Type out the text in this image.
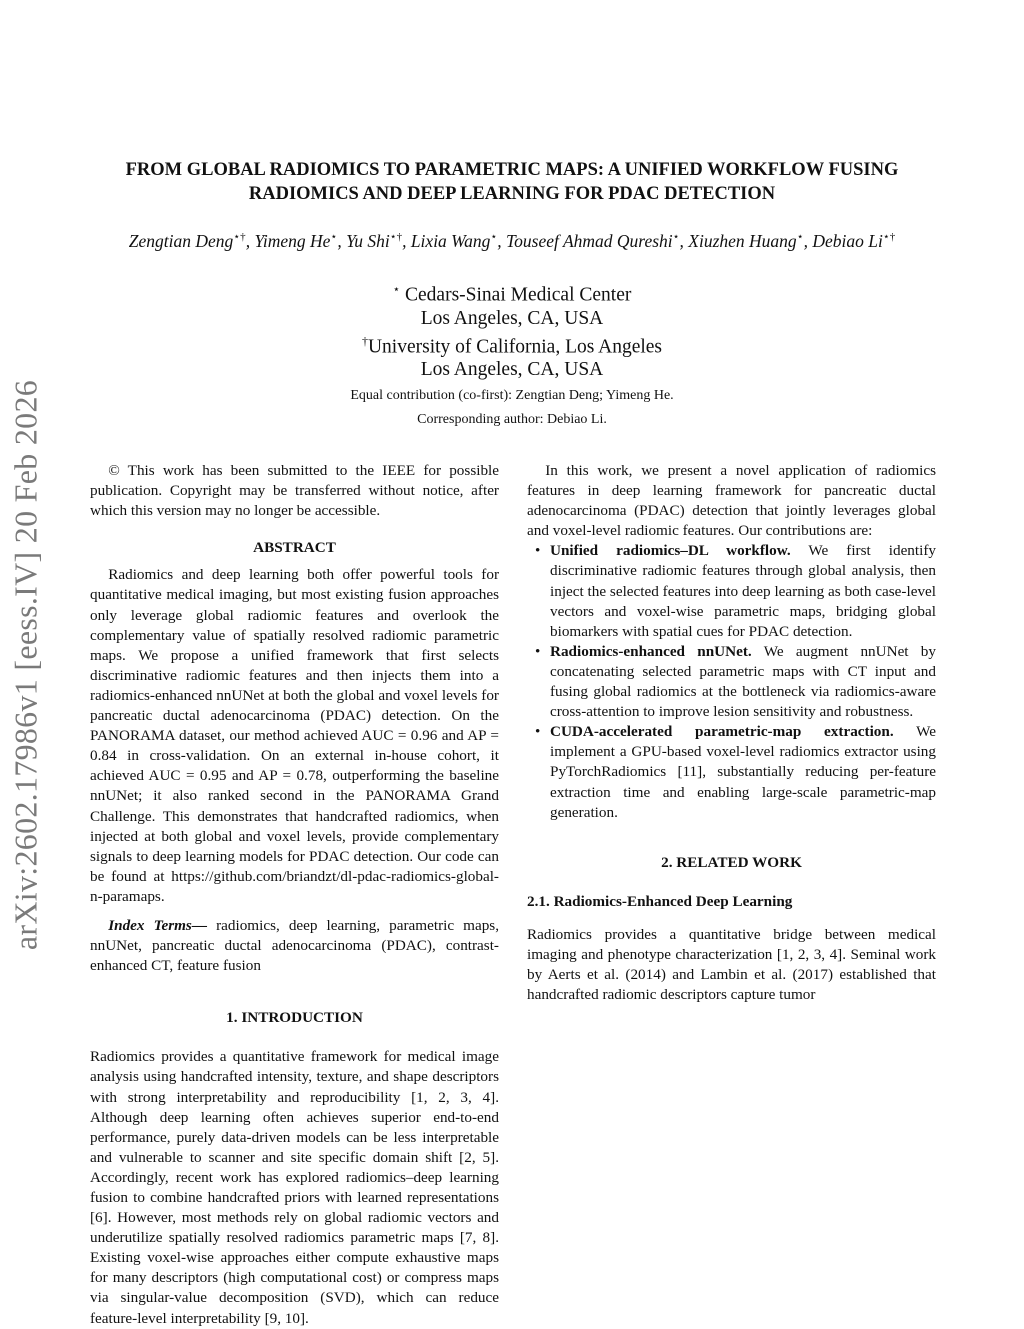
arXiv:2602.17986v1 [eess.IV] 20 Feb 2026
FROM GLOBAL RADIOMICS TO PARAMETRIC MAPS: A UNIFIED WORKFLOW FUSING
RADIOMICS AND DEEP LEARNING FOR PDAC DETECTION
Zengtian Deng⋆†, Yimeng He⋆, Yu Shi⋆†, Lixia Wang⋆, Touseef Ahmad Qureshi⋆, Xiuzhen Huang⋆, Debiao Li⋆†
⋆ Cedars-Sinai Medical Center
Los Angeles, CA, USA
†University of California, Los Angeles
Los Angeles, CA, USA
Equal contribution (co-first): Zengtian Deng; Yimeng He.
Corresponding author: Debiao Li.

© This work has been submitted to the IEEE for possible publication. Copyright may be transferred without notice, after which this version may no longer be accessible.

ABSTRACT

Radiomics and deep learning both offer powerful tools for quantitative medical imaging, but most existing fusion approaches only leverage global radiomic features and overlook the complementary value of spatially resolved radiomic parametric maps. We propose a unified framework that first selects discriminative radiomic features and then injects them into a radiomics-enhanced nnUNet at both the global and voxel levels for pancreatic ductal adenocarcinoma (PDAC) detection. On the PANORAMA dataset, our method achieved AUC = 0.96 and AP = 0.84 in cross-validation. On an external in-house cohort, it achieved AUC = 0.95 and AP = 0.78, outperforming the baseline nnUNet; it also ranked second in the PANORAMA Grand Challenge. This demonstrates that handcrafted radiomics, when injected at both global and voxel levels, provide complementary signals to deep learning models for PDAC detection. Our code can be found at https://github.com/briandzt/dl-pdac-radiomics-global-n-paramaps.

Index Terms— radiomics, deep learning, parametric maps, nnUNet, pancreatic ductal adenocarcinoma (PDAC), contrast-enhanced CT, feature fusion

1. INTRODUCTION

Radiomics provides a quantitative framework for medical image analysis using handcrafted intensity, texture, and shape descriptors with strong interpretability and reproducibility [1, 2, 3, 4]. Although deep learning often achieves superior end-to-end performance, purely data-driven models can be less interpretable and vulnerable to scanner and site specific domain shift [2, 5]. Accordingly, recent work has explored radiomics–deep learning fusion to combine handcrafted priors with learned representations [6]. However, most methods rely on global radiomic vectors and underutilize spatially resolved radiomics parametric maps [7, 8]. Existing voxel-wise approaches either compute exhaustive maps for many descriptors (high computational cost) or compress maps via singular-value decomposition (SVD), which can reduce feature-level interpretability [9, 10].

In this work, we present a novel application of radiomics features in deep learning framework for pancreatic ductal adenocarcinoma (PDAC) detection that jointly leverages global and voxel-level radiomic features. Our contributions are:

• Unified radiomics–DL workflow. We first identify discriminative radiomic features through global analysis, then inject the selected features into deep learning as both case-level vectors and voxel-wise parametric maps, bridging global biomarkers with spatial cues for PDAC detection.
• Radiomics-enhanced nnUNet. We augment nnUNet by concatenating selected parametric maps with CT input and fusing global radiomics at the bottleneck via radiomics-aware cross-attention to improve lesion sensitivity and robustness.
• CUDA-accelerated parametric-map extraction. We implement a GPU-based voxel-level radiomics extractor using PyTorchRadiomics [11], substantially reducing per-feature extraction time and enabling large-scale parametric-map generation.
2. RELATED WORK
2.1. Radiomics-Enhanced Deep Learning

Radiomics provides a quantitative bridge between medical imaging and phenotype characterization [1, 2, 3, 4]. Seminal work by Aerts et al. (2014) and Lambin et al. (2017) established that handcrafted radiomic descriptors capture tumor
